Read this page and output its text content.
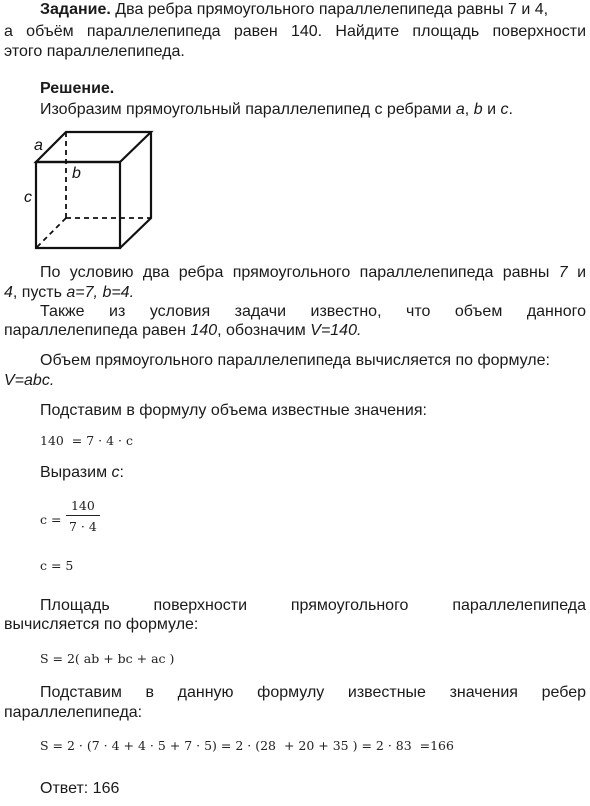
Задание. Два ребра прямоугольного параллелепипеда равны 7 и 4,
а объём параллелепипеда равен 140. Найдите площадь поверхности
этого параллелепипеда.
Решение.
Изобразим прямоугольный параллелепипед с ребрами a, b и c.
a
b
c
По условию два ребра прямоугольного параллелепипеда равны 7 и
4, пусть a=7, b=4.
Также из условия задачи известно, что объем данного
параллелепипеда равен 140, обозначим V=140.
Объем прямоугольного параллелепипеда вычисляется по формуле:
V=abc.
Подставим в формулу объема известные значения:
140  = 7 · 4 · c
Выразим c:
c =
140
7 · 4
c = 5
Площадь поверхности прямоугольного параллелепипеда
вычисляется по формуле:
S = 2( ab + bc + ac )
Подставим в данную формулу известные значения ребер
параллелепипеда:
S = 2 · (7 · 4 + 4 · 5 + 7 · 5) = 2 · (28  + 20 + 35 ) = 2 · 83  =166
Ответ: 166
